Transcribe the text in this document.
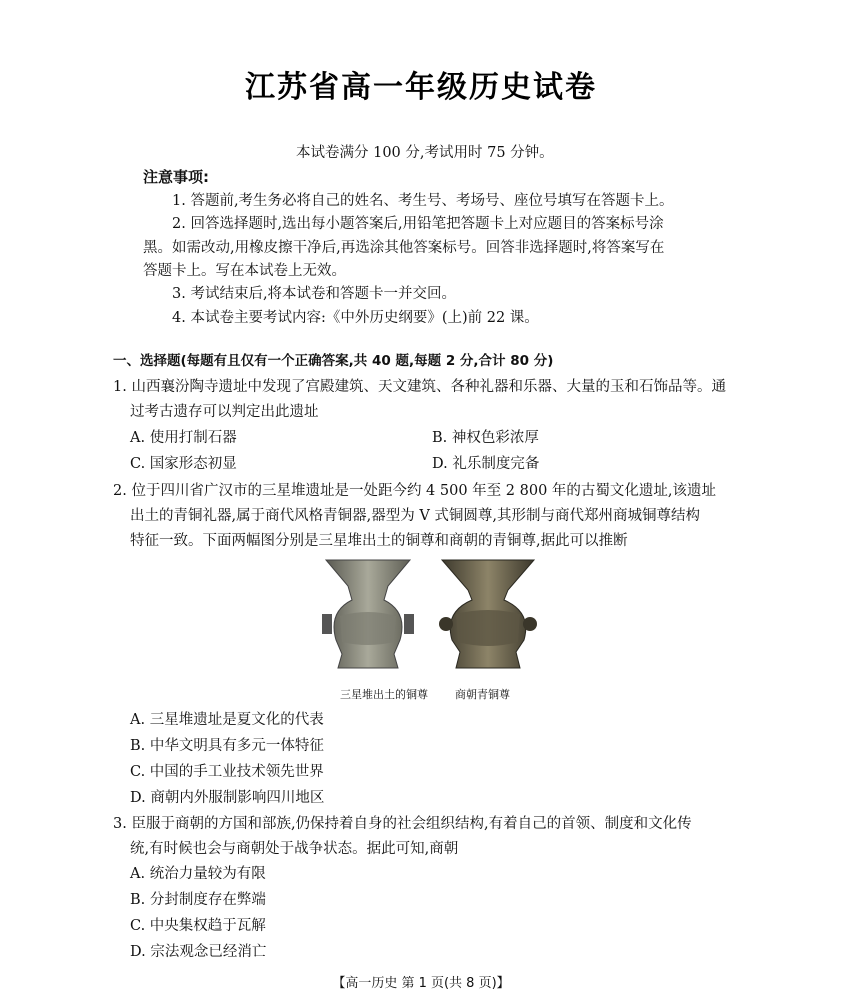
江苏省高一年级历史试卷
本试卷满分 100 分,考试用时 75 分钟。
注意事项:
1. 答题前,考生务必将自己的姓名、考生号、考场号、座位号填写在答题卡上。
2. 回答选择题时,选出每小题答案后,用铅笔把答题卡上对应题目的答案标号涂
黑。如需改动,用橡皮擦干净后,再选涂其他答案标号。回答非选择题时,将答案写在
答题卡上。写在本试卷上无效。
3. 考试结束后,将本试卷和答题卡一并交回。
4. 本试卷主要考试内容:《中外历史纲要》(上)前 22 课。
一、选择题(每题有且仅有一个正确答案,共 40 题,每题 2 分,合计 80 分)
1. 山西襄汾陶寺遗址中发现了宫殿建筑、天文建筑、各种礼器和乐器、大量的玉和石饰品等。通
过考古遗存可以判定出此遗址
A. 使用打制石器	B. 神权色彩浓厚
C. 国家形态初显	D. 礼乐制度完备
2. 位于四川省广汉市的三星堆遗址是一处距今约 4 500 年至 2 800 年的古蜀文化遗址,该遗址
出土的青铜礼器,属于商代风格青铜器,器型为 V 式铜圆尊,其形制与商代郑州商城铜尊结构
特征一致。下面两幅图分别是三星堆出土的铜尊和商朝的青铜尊,据此可以推断
三星堆出土的铜尊 商朝青铜尊
A. 三星堆遗址是夏文化的代表
B. 中华文明具有多元一体特征
C. 中国的手工业技术领先世界
D. 商朝内外服制影响四川地区
3. 臣服于商朝的方国和部族,仍保持着自身的社会组织结构,有着自己的首领、制度和文化传
统,有时候也会与商朝处于战争状态。据此可知,商朝
A. 统治力量较为有限
B. 分封制度存在弊端
C. 中央集权趋于瓦解
D. 宗法观念已经消亡
【高一历史 第 1 页(共 8 页)】
